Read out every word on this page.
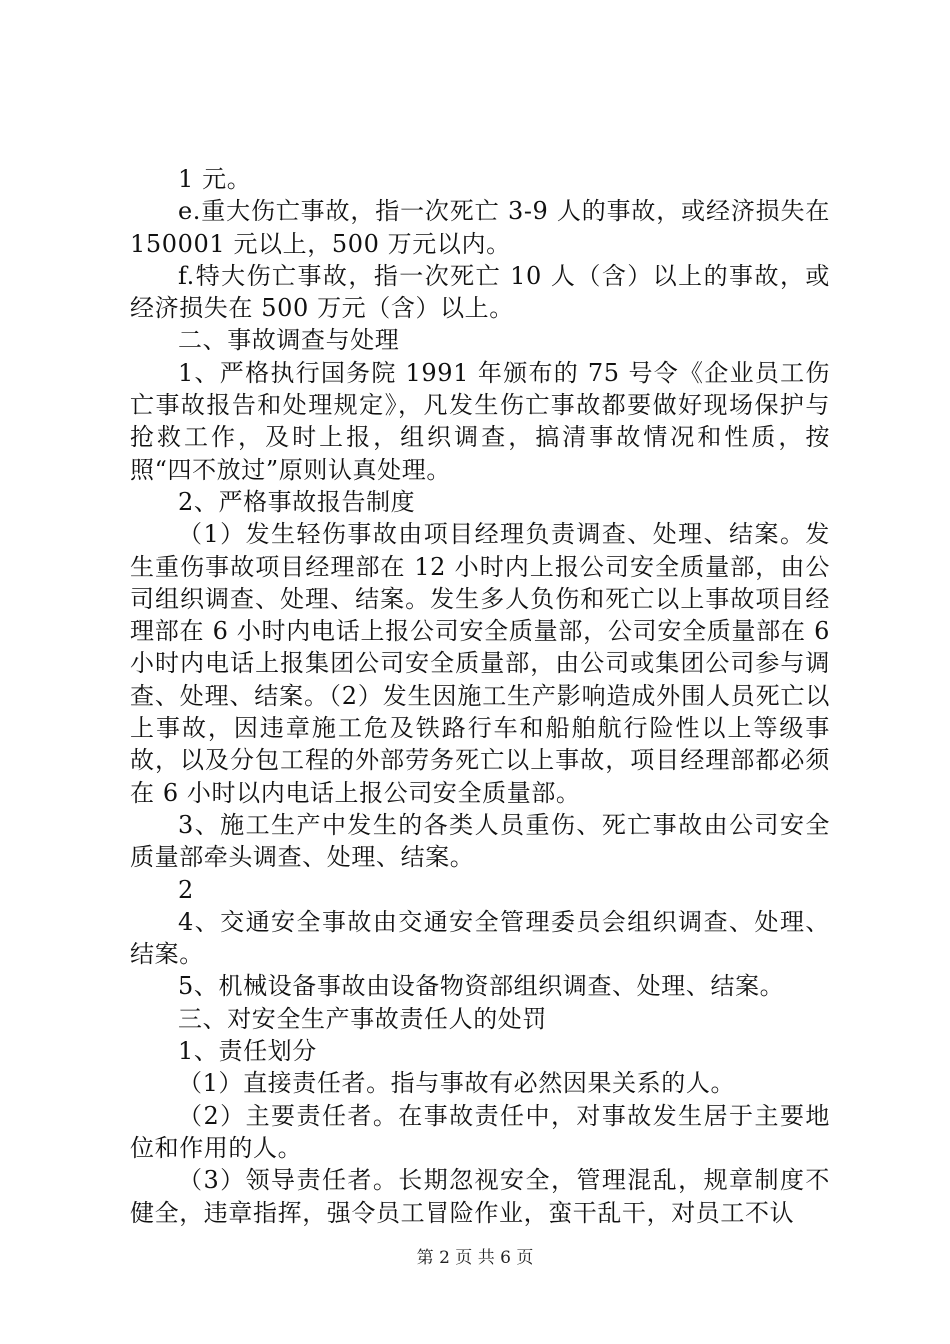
1 元。

e.重大伤亡事故，指一次死亡 3-9 人的事故，或经济损失在 150001 元以上，500 万元以内。

f.特大伤亡事故，指一次死亡 10 人（含）以上的事故，或经济损失在 500 万元（含）以上。

二、事故调查与处理

1、严格执行国务院 1991 年颁布的 75 号令《企业员工伤亡事故报告和处理规定》，凡发生伤亡事故都要做好现场保护与抢救工作，及时上报，组织调查，搞清事故情况和性质，按照“四不放过”原则认真处理。

2、严格事故报告制度

（1）发生轻伤事故由项目经理负责调查、处理、结案。发生重伤事故项目经理部在 12 小时内上报公司安全质量部，由公司组织调查、处理、结案。发生多人负伤和死亡以上事故项目经理部在 6 小时内电话上报公司安全质量部，公司安全质量部在 6 小时内电话上报集团公司安全质量部，由公司或集团公司参与调查、处理、结案。（2）发生因施工生产影响造成外围人员死亡以上事故，因违章施工危及铁路行车和船舶航行险性以上等级事故，以及分包工程的外部劳务死亡以上事故，项目经理部都必须在 6 小时以内电话上报公司安全质量部。

3、施工生产中发生的各类人员重伤、死亡事故由公司安全质量部牵头调查、处理、结案。

2

4、交通安全事故由交通安全管理委员会组织调查、处理、结案。

5、机械设备事故由设备物资部组织调查、处理、结案。

三、对安全生产事故责任人的处罚

1、责任划分

（1）直接责任者。指与事故有必然因果关系的人。

（2）主要责任者。在事故责任中，对事故发生居于主要地位和作用的人。

（3）领导责任者。长期忽视安全，管理混乱，规章制度不健全，违章指挥，强令员工冒险作业，蛮干乱干，对员工不认

第 2 页 共 6 页
